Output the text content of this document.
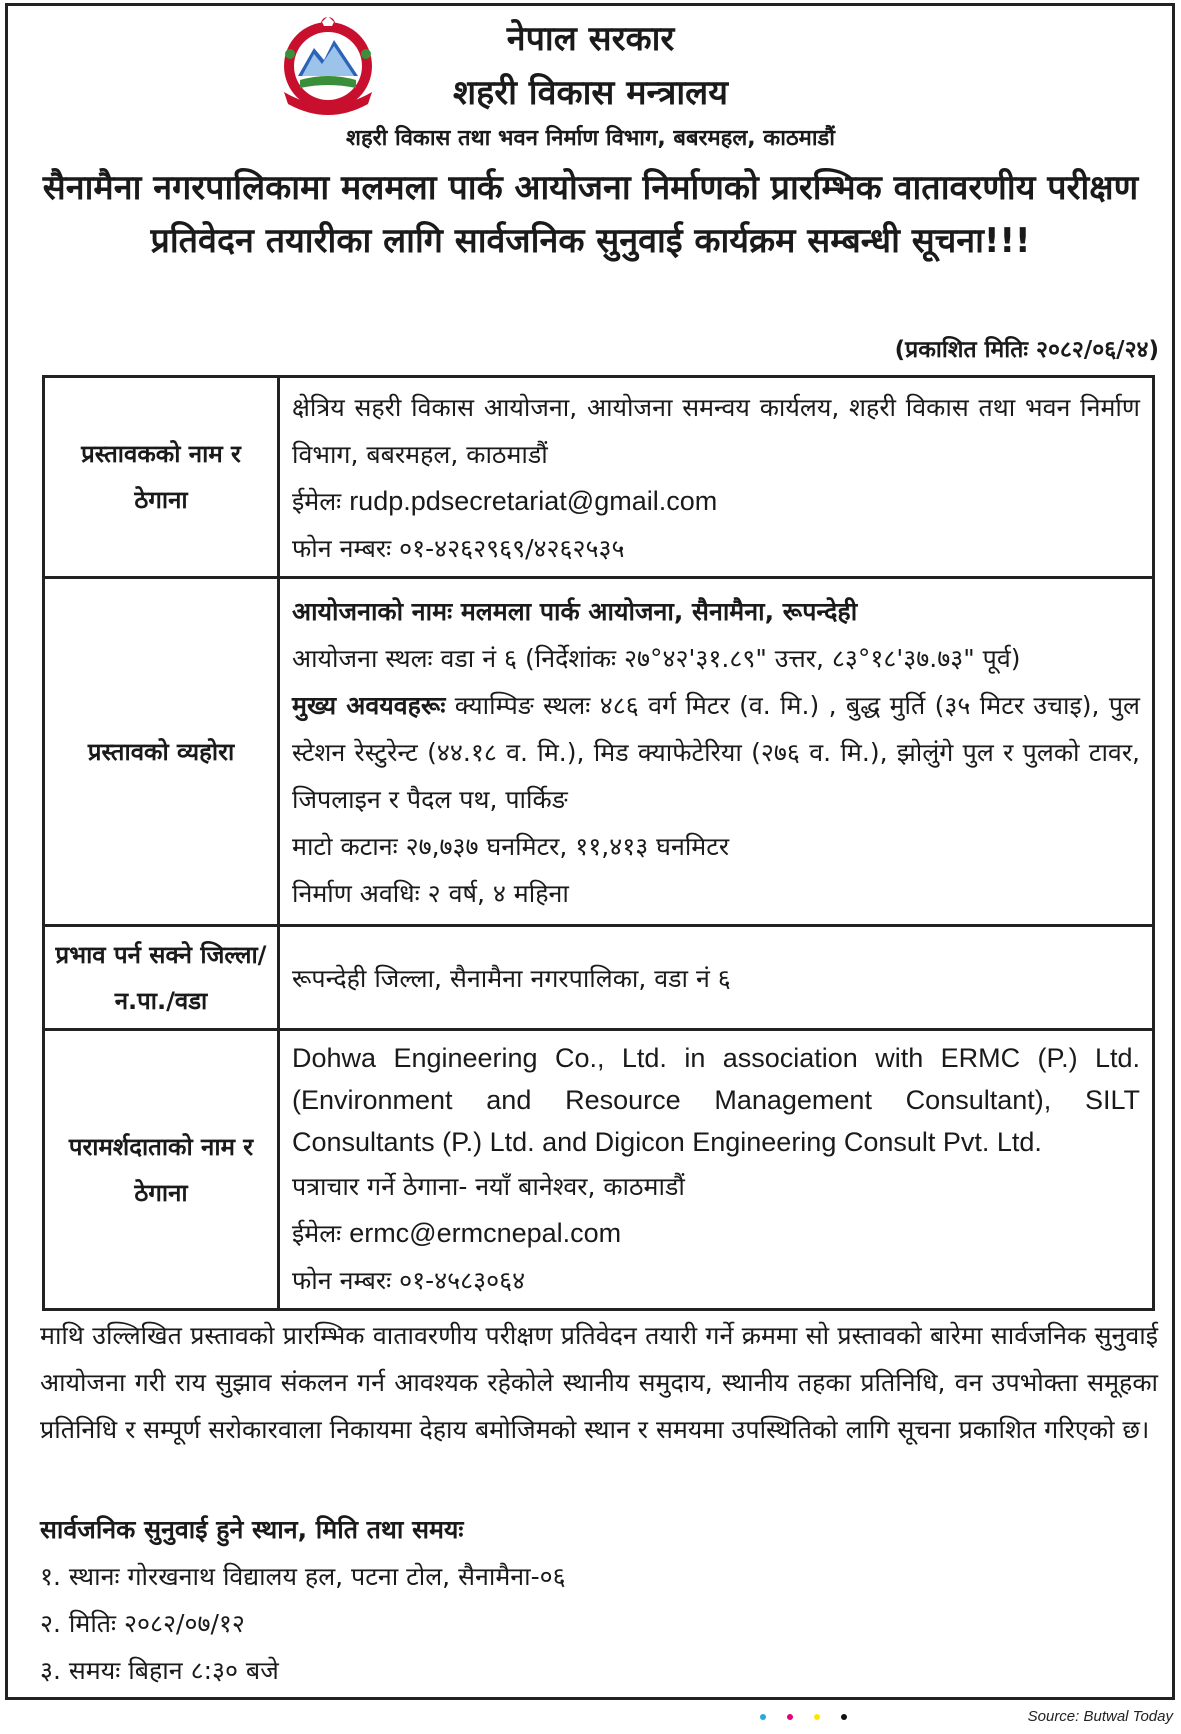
नेपाल सरकार
शहरी विकास मन्त्रालय
शहरी विकास तथा भवन निर्माण विभाग, बबरमहल, काठमाडौं
सैनामैना नगरपालिकामा मलमला पार्क आयोजना निर्माणको प्रारम्भिक वातावरणीय परीक्षण प्रतिवेदन तयारीका लागि सार्वजनिक सुनुवाई कार्यक्रम सम्बन्धी सूचना!!!
(प्रकाशित मितिः २०८२/०६/२४)
प्रस्तावकको नाम र ठेगाना	क्षेत्रिय सहरी विकास आयोजना, आयोजना समन्वय कार्यलय, शहरी विकास तथा भवन निर्माण विभाग, बबरमहल, काठमाडौं
ईमेलः rudp.pdsecretariat@gmail.com
फोन नम्बरः ०१-४२६२९६९/४२६२५३५

प्रस्तावको व्यहोरा	आयोजनाको नामः मलमला पार्क आयोजना, सैनामैना, रूपन्देही
आयोजना स्थलः वडा नं ६ (निर्देशांकः २७°४२'३१.८९" उत्तर, ८३°१८'३७.७३" पूर्व)
मुख्य अवयवहरूः क्याम्पिङ स्थलः ४८६ वर्ग मिटर (व. मि.) , बुद्ध मुर्ति (३५ मिटर उचाइ), पुल स्टेशन रेस्टुरेन्ट (४४.१८ व. मि.), मिड क्याफेटेरिया (२७६ व. मि.), झोलुंगे पुल र पुलको टावर, जिपलाइन र पैदल पथ, पार्किङ
माटो कटानः २७,७३७ घनमिटर, ११,४१३ घनमिटर
निर्माण अवधिः २ वर्ष, ४ महिना

प्रभाव पर्न सक्ने जिल्ला/न.पा./वडा	रूपन्देही जिल्ला, सैनामैना नगरपालिका, वडा नं ६
परामर्शदाताको नाम र ठेगाना	Dohwa Engineering Co., Ltd. in association with ERMC (P.) Ltd. (Environment and Resource Management Consultant), SILT Consultants (P.) Ltd. and Digicon Engineering Consult Pvt. Ltd.
पत्राचार गर्ने ठेगाना- नयाँ बानेश्वर, काठमाडौं
ईमेलः ermc@ermcnepal.com
फोन नम्बरः ०१-४५८३०६४
माथि उल्लिखित प्रस्तावको प्रारम्भिक वातावरणीय परीक्षण प्रतिवेदन तयारी गर्ने क्रममा सो प्रस्तावको बारेमा सार्वजनिक सुनुवाई आयोजना गरी राय सुझाव संकलन गर्न आवश्यक रहेकोले स्थानीय समुदाय, स्थानीय तहका प्रतिनिधि, वन उपभोक्ता समूहका प्रतिनिधि र सम्पूर्ण सरोकारवाला निकायमा देहाय बमोजिमको स्थान र समयमा उपस्थितिको लागि सूचना प्रकाशित गरिएको छ।
सार्वजनिक सुनुवाई हुने स्थान, मिति तथा समयः
१. स्थानः गोरखनाथ विद्यालय हल, पटना टोल, सैनामैना-०६
२. मितिः २०८२/०७/१२
३. समयः बिहान ८:३० बजे

Source: Butwal Today
